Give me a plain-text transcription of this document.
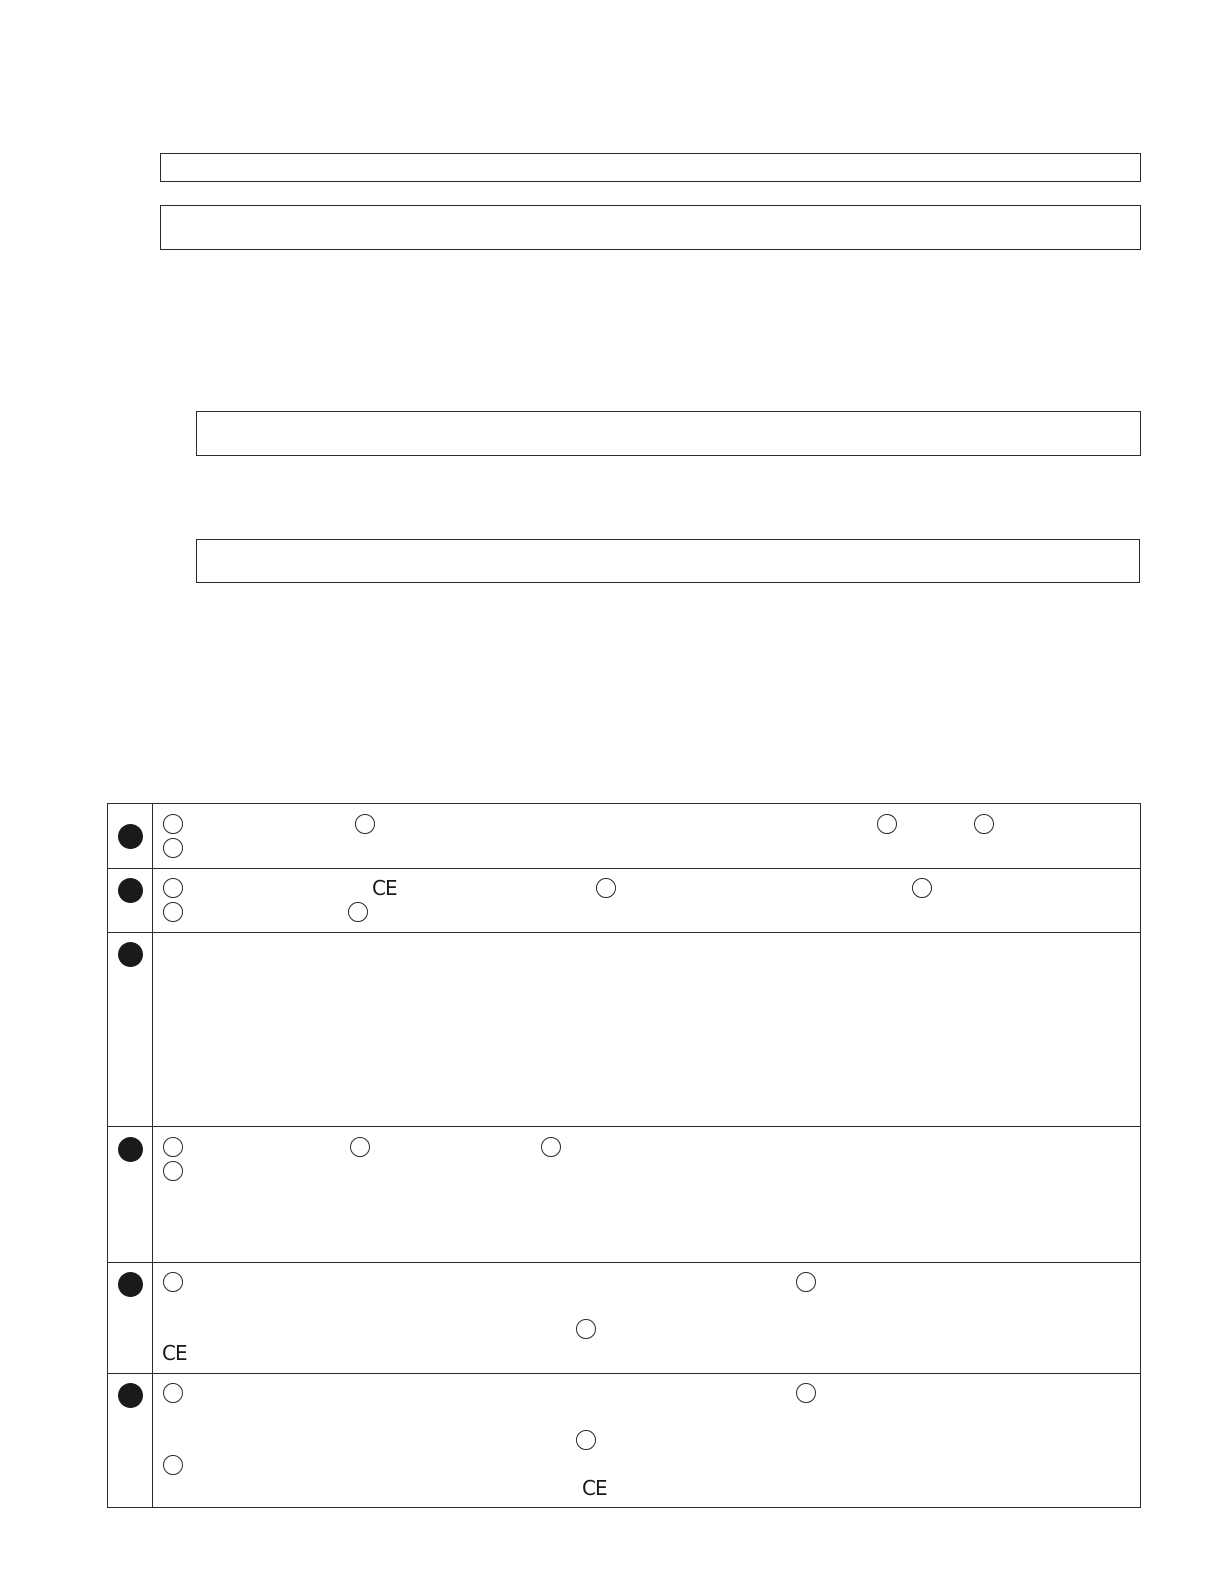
CE
CE
CE
